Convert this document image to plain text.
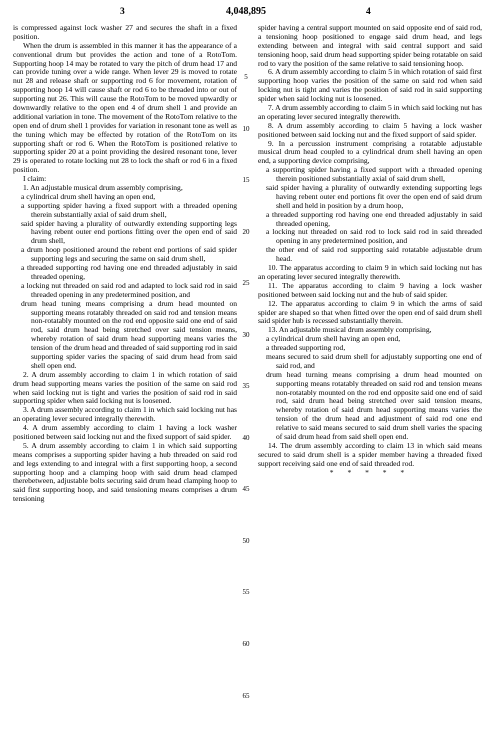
3	4,048,895	4

is compressed against lock washer 27 and secures the shaft in a fixed position.

When the drum is assembled in this manner it has the appearance of a conventional drum but provides the action and tone of a RotoTom. Supporting hoop 14 may be rotated to vary the pitch of drum head 17 and can provide tuning over a wide range. When lever 29 is moved to rotate nut 28 and release shaft or supporting rod 6 for movement, rotation of supporting hoop 14 will cause shaft or rod 6 to be threaded into or out of supporting nut 26. This will cause the RotoTom to be moved upwardly or downwardly relative to the open end 4 of drum shell 1 and provide an additional variation in tone. The movement of the RotoTom relative to the open end of drum shell 1 provides for variation in resonant tone as well as the tuning which may be effected by rotation of the RotoTom on its supporting shaft or rod 6. When the RotoTom is positioned relative to supporting spider 20 at a point providing the desired resonant tone, lever 29 is operated to rotate locking nut 28 to lock the shaft or rod 6 in a fixed position.

I claim:

1. An adjustable musical drum assembly comprising,

a cylindrical drum shell having an open end,

a supporting spider having a fixed support with a threaded opening therein substantially axial of said drum shell,

said spider having a plurality of outwardly extending supporting legs having rebent outer end portions fitting over the open end of said drum shell,

a drum hoop positioned around the rebent end portions of said spider supporting legs and securing the same on said drum shell,

a threaded supporting rod having one end threaded adjustably in said threaded opening,

a locking nut threaded on said rod and adapted to lock said rod in said threaded opening in any predetermined position, and

drum head tuning means comprising a drum head mounted on supporting means rotatably threaded on said rod and tension means non-rotatably mounted on the rod end opposite said one end of said rod, said drum head being stretched over said tension means, whereby rotation of said drum head supporting means varies the tension of the drum head and threaded of said supporting rod in said supporting spider varies the spacing of said drum head from said shell open end.

2. A drum assembly according to claim 1 in which rotation of said drum head supporting means varies the position of the same on said rod when said locking nut is tight and varies the position of said rod in said supporting spider when said locking nut is loosened.

3. A drum assembly according to claim 1 in which said locking nut has an operating lever secured integrally therewith.

4. A drum assembly according to claim 1 having a lock washer positioned between said locking nut and the fixed support of said spider.

5. A drum assembly according to claim 1 in which said supporting means comprises a supporting spider having a hub threaded on said rod and legs extending to and integral with a first supporting hoop, a second supporting hoop and a clamping hoop with said drum head clamped therebetween, adjustable bolts securing said drum head clamping hoop to said first supporting hoop, and said tensioning means comprises a drum tensioning

5
10
15
20
25
30
35
40
45
50
55
60
65

spider having a central support mounted on said opposite end of said rod, a tensioning hoop positioned to engage said drum head, and legs extending between and integral with said central support and said tensioning hoop, said drum head supporting spider being rotatable on said rod to vary the position of the same relative to said tensioning hoop.

6. A drum assembly according to claim 5 in which rotation of said first supporting hoop varies the position of the same on said rod when said locking nut is tight and varies the position of said rod in said supporting spider when said locking nut is loosened.

7. A drum assembly according to claim 5 in which said locking nut has an operating lever secured integrally therewith.

8. A drum assembly according to claim 5 having a lock washer positioned between said locking nut and the fixed support of said spider.

9. In a percussion instrument comprising a rotatable adjustable musical drum head coupled to a cylindrical drum shell having an open end, a supporting device comprising,

a supporting spider having a fixed support with a threaded opening therein positioned substantially axial of said drum shell,

said spider having a plurality of outwardly extending supporting legs having rebent outer end portions fit over the open end of said drum shell and held in position by a drum hoop,

a threaded supporting rod having one end threaded adjustably in said threaded opening,

a locking nut threaded on said rod to lock said rod in said threaded opening in any predetermined position, and

the other end of said rod supporting said rotatable adjustable drum head.

10. The apparatus according to claim 9 in which said locking nut has an operating lever secured integrally therewith.

11. The apparatus according to claim 9 having a lock washer positioned between said locking nut and the hub of said spider.

12. The apparatus according to claim 9 in which the arms of said spider are shaped so that when fitted over the open end of said drum shell said spider hub is recessed substantially therein.

13. An adjustable musical drum assembly comprising,

a cylindrical drum shell having an open end,

a threaded supporting rod,

means secured to said drum shell for adjustably supporting one end of said rod, and

drum head turning means comprising a drum head mounted on supporting means rotatably threaded on said rod and tension means non-rotatably mounted on the rod end opposite said one end of said rod, said drum head being stretched over said tension means, whereby rotation of said drum head supporting means varies the tension of the drum head and adjustment of said rod one end relative to said means secured to said drum shell varies the spacing of said drum head from said shell open end.

14. The drum assembly according to claim 13 in which said means secured to said drum shell is a spider member having a threaded fixed support receiving said one end of said threaded rod.

* * * * *
